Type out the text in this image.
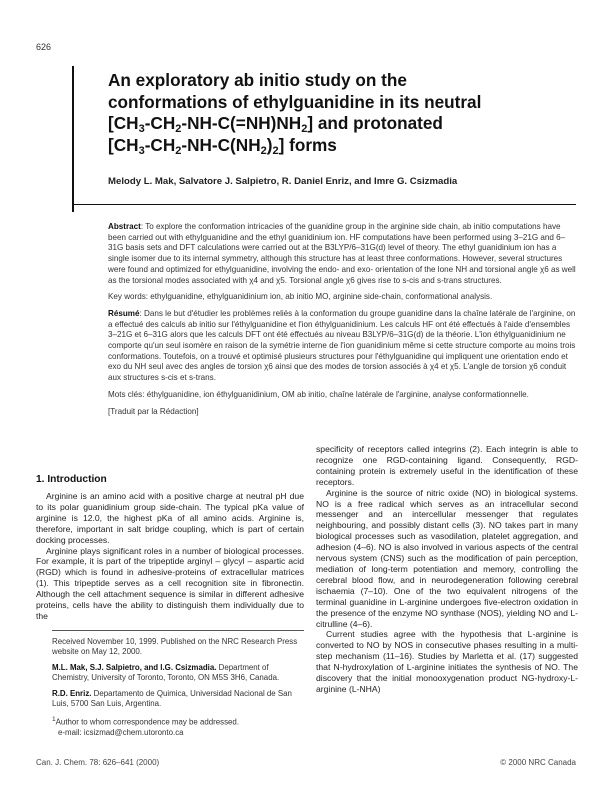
626
An exploratory ab initio study on the
conformations of ethylguanidine in its neutral
$[CH_3-CH_2-NH-C(=NH)NH_2]$ and protonated
$[CH_3-CH_2-NH-C(NH_2)_2]$ forms
Melody L. Mak, Salvatore J. Salpietro, R. Daniel Enriz, and Imre G. Csizmadia

Abstract: To explore the conformation intricacies of the guanidine group in the arginine side chain, ab initio computations have been carried out with ethylguanidine and the ethyl guanidinium ion. HF computations have been performed using 3–21G and 6–31G basis sets and DFT calculations were carried out at the B3LYP/6–31G(d) level of theory. The ethyl guanidinium ion has a single isomer due to its internal symmetry, although this structure has at least three conformations. However, several structures were found and optimized for ethylguanidine, involving the endo- and exo- orientation of the lone NH and torsional angle χ6 as well as the torsional modes associated with χ4 and χ5. Torsional angle χ6 gives rise to s-cis and s-trans structures.

Key words: ethylguanidine, ethylguanidinium ion, ab initio MO, arginine side-chain, conformational analysis.

Résumé: Dans le but d'étudier les problèmes reliés à la conformation du groupe guanidine dans la chaîne latérale de l'arginine, on a effectué des calculs ab initio sur l'éthylguanidine et l'ion éthylguanidinium. Les calculs HF ont été effectués à l'aide d'ensembles 3–21G et 6–31G alors que les calculs DFT ont été effectués au niveau B3LYP/6–31G(d) de la théorie. L'ion éthylguanidinium ne comporte qu'un seul isomère en raison de la symétrie interne de l'ion guanidinium même si cette structure comporte au moins trois conformations. Toutefois, on a trouvé et optimisé plusieurs structures pour l'éthylguanidine qui impliquent une orientation endo et exo du NH seul avec des angles de torsion χ6 ainsi que des modes de torsion associés à χ4 et χ5. L'angle de torsion χ6 conduit aux structures s-cis et s-trans.

Mots clés: éthylguanidine, ion éthylguanidinium, OM ab initio, chaîne latérale de l'arginine, analyse conformationnelle.

[Traduit par la Rédaction]

1. Introduction

Arginine is an amino acid with a positive charge at neutral pH due to its polar guanidinium group side-chain. The typical pKa value of arginine is 12.0, the highest pKa of all amino acids. Arginine is, therefore, important in salt bridge coupling, which is part of certain docking processes.

Arginine plays significant roles in a number of biological processes. For example, it is part of the tripeptide arginyl – glycyl – aspartic acid (RGD) which is found in adhesive-proteins of extracellular matrices (1). This tripeptide serves as a cell recognition site in fibronectin. Although the cell attachment sequence is similar in different adhesive proteins, cells have the ability to distinguish them individually due to the

specificity of receptors called integrins (2). Each integrin is able to recognize one RGD-containing ligand. Consequently, RGD-containing protein is extremely useful in the identification of these receptors.

Arginine is the source of nitric oxide (NO) in biological systems. NO is a free radical which serves as an intracellular second messenger and an intercellular messenger that regulates neighbouring, and possibly distant cells (3). NO takes part in many biological processes such as vasodilation, platelet aggregation, and adhesion (4–6). NO is also involved in various aspects of the central nervous system (CNS) such as the modification of pain perception, mediation of long-term potentiation and memory, controlling the cerebral blood flow, and in neurodegeneration following cerebral ischaemia (7–10). One of the two equivalent nitrogens of the terminal guanidine in L-arginine undergoes five-electron oxidation in the presence of the enzyme NO synthase (NOS), yielding NO and L-citrulline (4–6).

Current studies agree with the hypothesis that L-arginine is converted to NO by NOS in consecutive phases resulting in a multi-step mechanism (11–16). Studies by Marletta et al. (17) suggested that N-hydroxylation of L-arginine initiates the synthesis of NO. The discovery that the initial monooxygenation product NG-hydroxy-L-arginine (L-NHA)

Received November 10, 1999. Published on the NRC Research Press website on May 12, 2000.

M.L. Mak, S.J. Salpietro, and I.G. Csizmadia. Department of Chemistry, University of Toronto, Toronto, ON M5S 3H6, Canada.

R.D. Enriz. Departamento de Quimica, Universidad Nacional de San Luis, 5700 San Luis, Argentina.

$^1$Author to whom correspondence may be addressed.

e-mail: icsizmad@chem.utoronto.ca

Can. J. Chem. 78: 626–641 (2000)	© 2000 NRC Canada
